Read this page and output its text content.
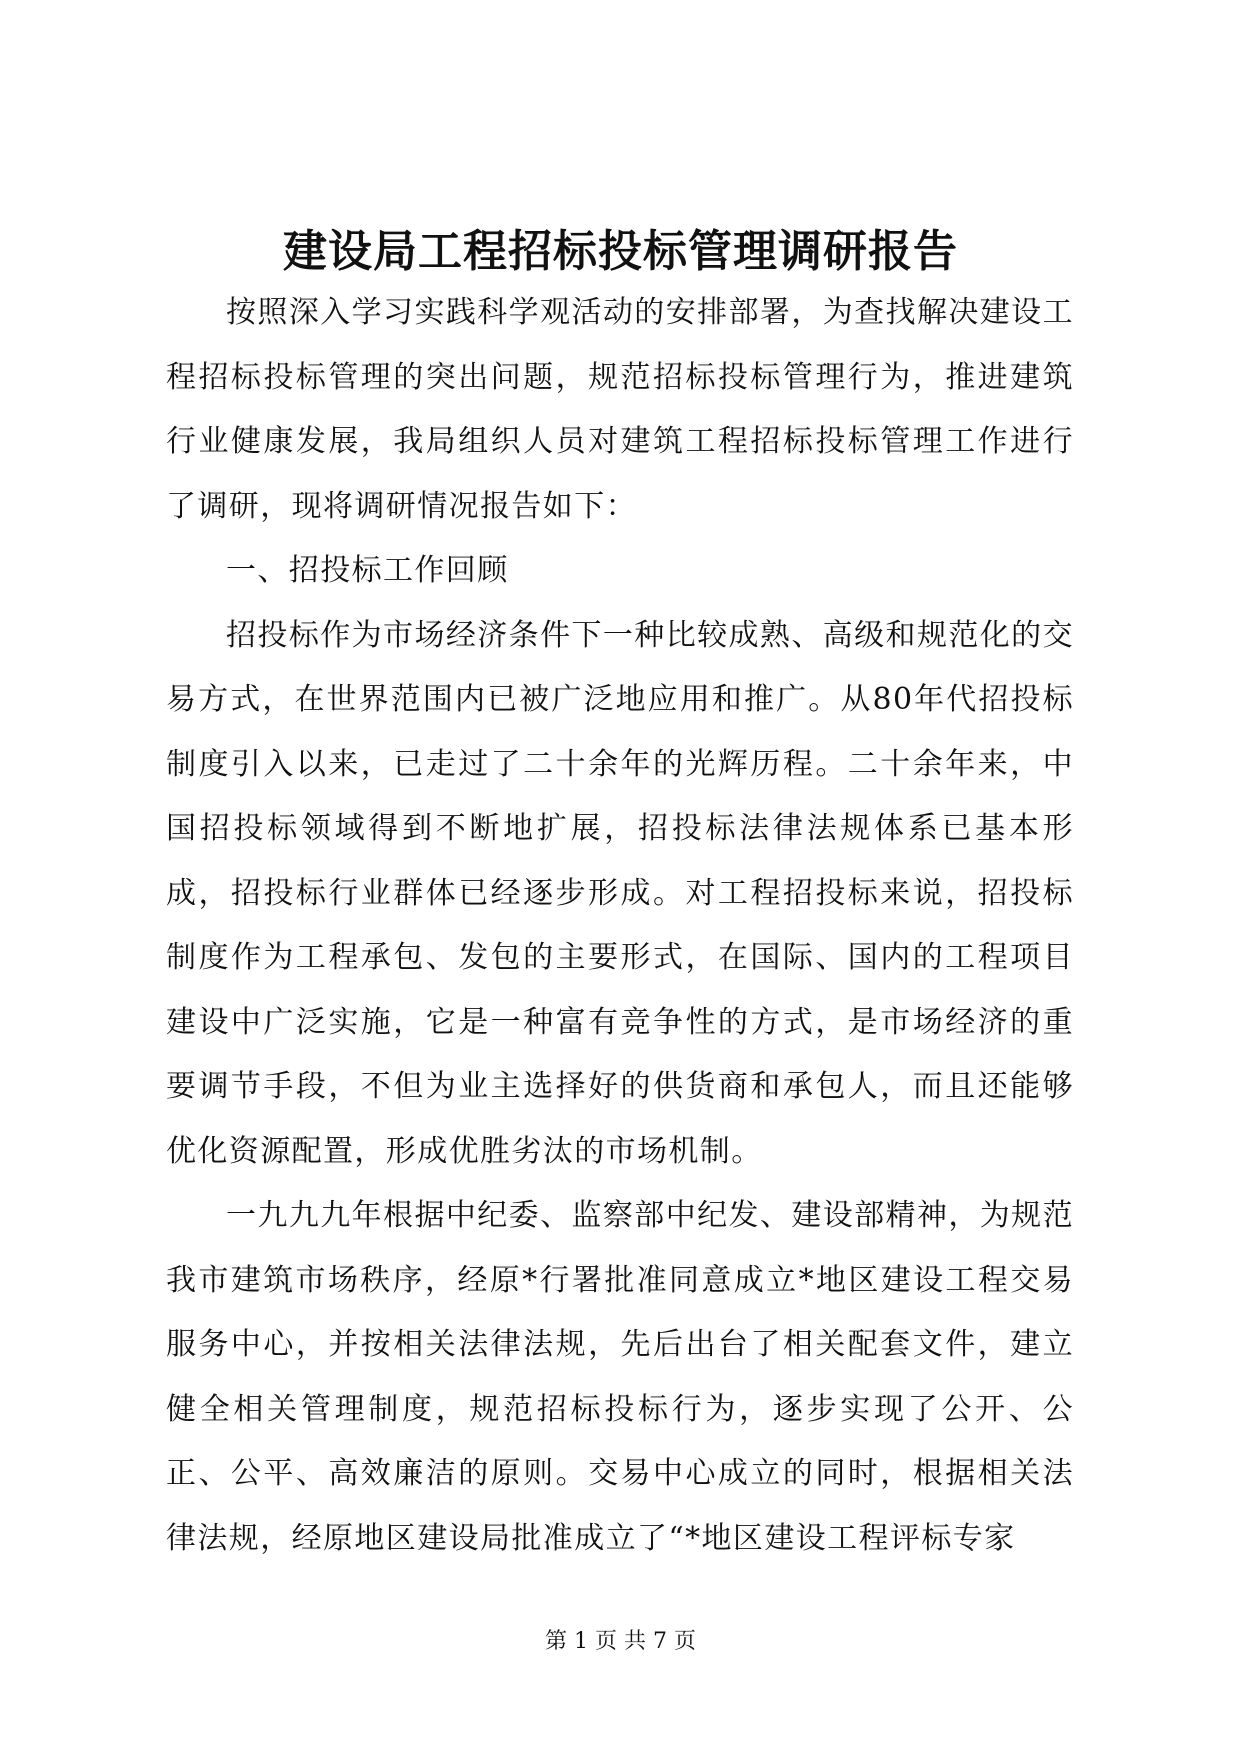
建设局工程招标投标管理调研报告

按照深入学习实践科学观活动的安排部署，为查找解决建设工程招标投标管理的突出问题，规范招标投标管理行为，推进建筑行业健康发展，我局组织人员对建筑工程招标投标管理工作进行了调研，现将调研情况报告如下：

一、招投标工作回顾

招投标作为市场经济条件下一种比较成熟、高级和规范化的交易方式，在世界范围内已被广泛地应用和推广。从80年代招投标制度引入以来，已走过了二十余年的光辉历程。二十余年来，中国招投标领域得到不断地扩展，招投标法律法规体系已基本形成，招投标行业群体已经逐步形成。对工程招投标来说，招投标制度作为工程承包、发包的主要形式，在国际、国内的工程项目建设中广泛实施，它是一种富有竞争性的方式，是市场经济的重要调节手段，不但为业主选择好的供货商和承包人，而且还能够优化资源配置，形成优胜劣汰的市场机制。

一九九九年根据中纪委、监察部中纪发、建设部精神，为规范我市建筑市场秩序，经原*行署批准同意成立*地区建设工程交易服务中心，并按相关法律法规，先后出台了相关配套文件，建立健全相关管理制度，规范招标投标行为，逐步实现了公开、公正、公平、高效廉洁的原则。交易中心成立的同时，根据相关法律法规，经原地区建设局批准成立了“*地区建设工程评标专家

第 1 页 共 7 页
